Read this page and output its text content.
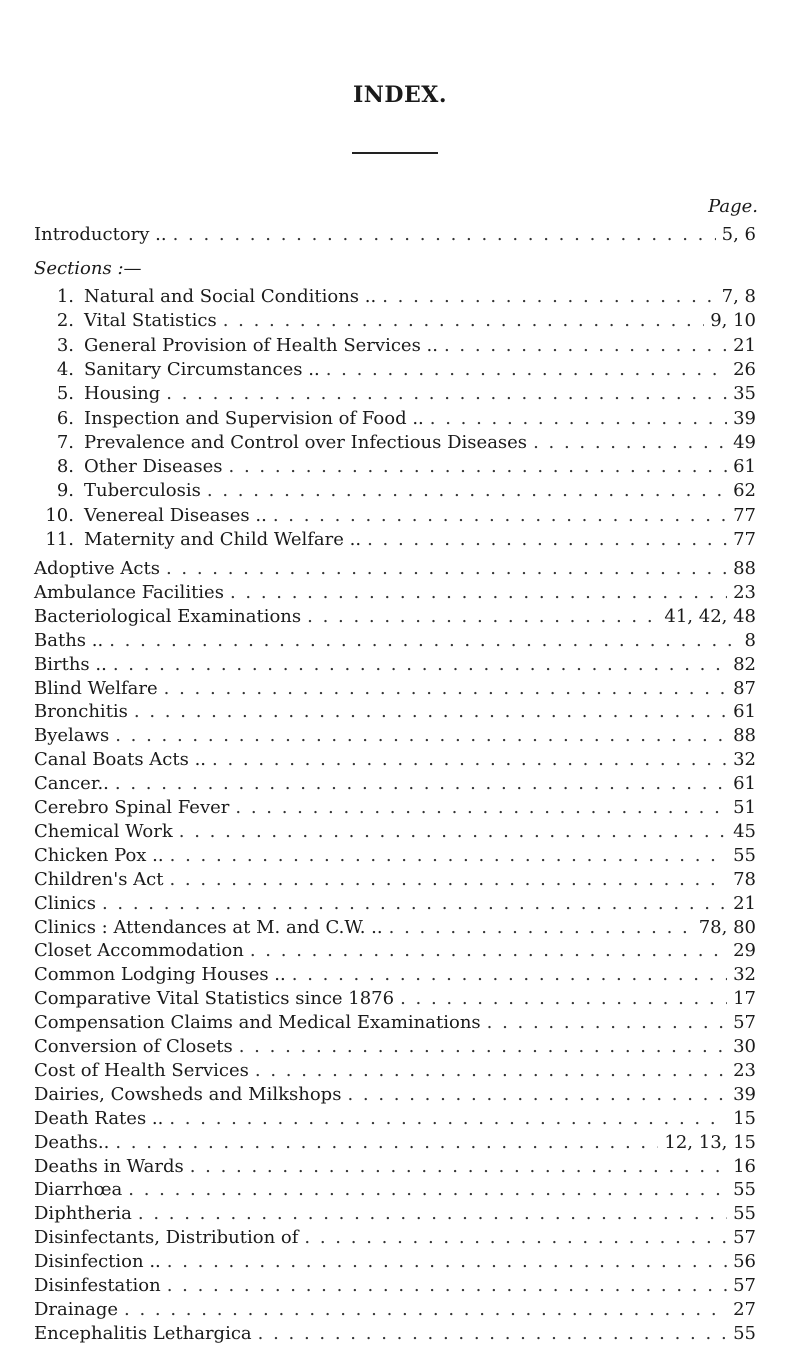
INDEX.
Page.
Introductory .. . .	5, 6
Sections :—
1. Natural and Social Conditions .. . .	7, 8
2. Vital Statistics . .	9, 10
3. General Provision of Health Services .. . .	21
4. Sanitary Circumstances .. . .	26
5. Housing . .	35
6. Inspection and Supervision of Food .. . .	39
7. Prevalence and Control over Infectious Diseases . .	49
8. Other Diseases . .	61
9. Tuberculosis . .	62
10. Venereal Diseases .. . .	77
11. Maternity and Child Welfare .. . .	77
Adoptive Acts . .	88
Ambulance Facilities . .	23
Bacteriological Examinations . .	41, 42, 48
Baths .. . .	8
Births .. . .	82
Blind Welfare . .	87
Bronchitis . .	61
Byelaws . .	88
Canal Boats Acts .. . .	32
Cancer.. . .	61
Cerebro Spinal Fever . .	51
Chemical Work . .	45
Chicken Pox .. . .	55
Children's Act . .	78
Clinics . .	21
Clinics : Attendances at M. and C.W. .. . .	78, 80
Closet Accommodation . .	29
Common Lodging Houses .. . .	32
Comparative Vital Statistics since 1876 . .	17
Compensation Claims and Medical Examinations . .	57
Conversion of Closets . .	30
Cost of Health Services . .	23
Dairies, Cowsheds and Milkshops . .	39
Death Rates .. . .	15
Deaths.. . .	12, 13, 15
Deaths in Wards . .	16
Diarrhœa . .	55
Diphtheria . .	55
Disinfectants, Distribution of . .	57
Disinfection .. . .	56
Disinfestation . .	57
Drainage . .	27
Encephalitis Lethargica . .	55
